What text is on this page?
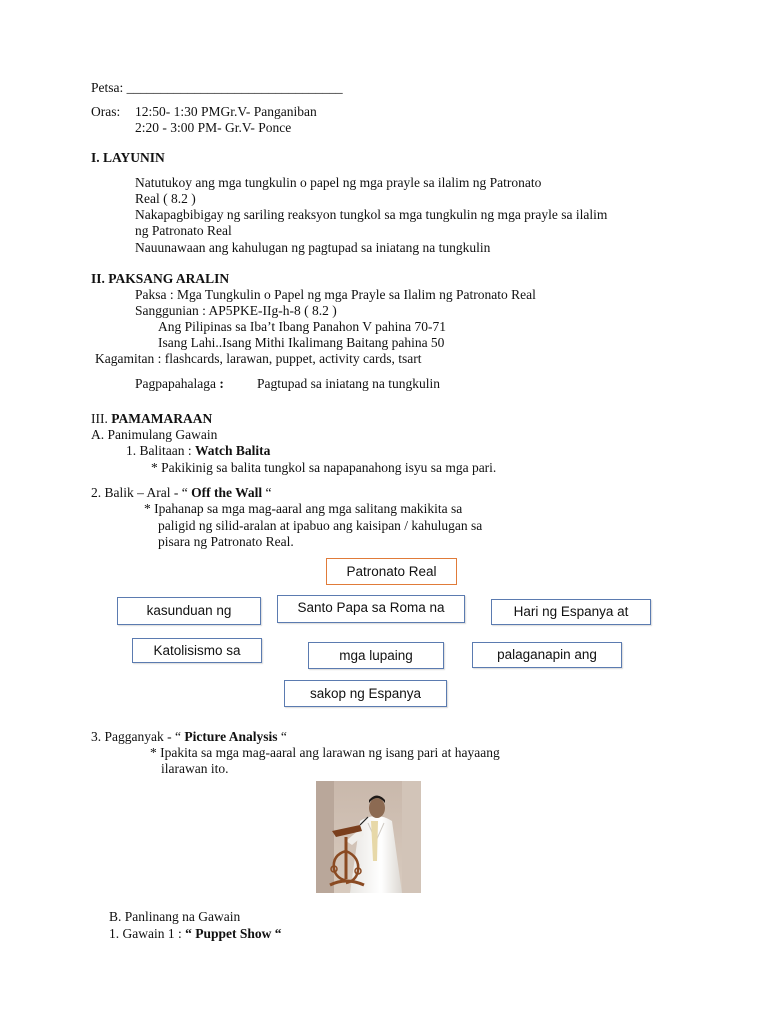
Petsa: ________________________________
Oras: 12:50- 1:30 PMGr.V- Panganiban
2:20 - 3:00 PM- Gr.V- Ponce
I. LAYUNIN
Natutukoy ang mga tungkulin o papel ng mga prayle sa ilalim ng Patronato
Real ( 8.2 )
Nakapagbibigay ng sariling reaksyon tungkol sa mga tungkulin ng mga prayle sa ilalim
ng Patronato Real
Nauunawaan ang kahulugan ng pagtupad sa iniatang na tungkulin
II. PAKSANG ARALIN
Paksa : Mga Tungkulin o Papel ng mga Prayle sa Ilalim ng Patronato Real
Sanggunian : AP5PKE-IIg-h-8 ( 8.2 )
Ang Pilipinas sa Iba’t Ibang Panahon V pahina 70-71
Isang Lahi..Isang Mithi Ikalimang Baitang pahina 50
Kagamitan : flashcards, larawan, puppet, activity cards, tsart
Pagpapahalaga : Pagtupad sa iniatang na tungkulin
III. PAMAMARAAN
A. Panimulang Gawain
1. Balitaan : Watch Balita
* Pakikinig sa balita tungkol sa napapanahong isyu sa mga pari.
2. Balik – Aral - “ Off the Wall “
* Ipahanap sa mga mag-aaral ang mga salitang makikita sa
paligid ng silid-aralan at ipabuo ang kaisipan / kahulugan sa
pisara ng Patronato Real.
Patronato Real
kasunduan ng	Santo Papa sa Roma na	Hari ng Espanya at
Katolisismo sa	mga lupaing	palaganapin ang
sakop ng Espanya
3. Pagganyak - “ Picture Analysis “
* Ipakita sa mga mag-aaral ang larawan ng isang pari at hayaang
ilarawan ito.
B. Panlinang na Gawain
1. Gawain 1 : “ Puppet Show “
